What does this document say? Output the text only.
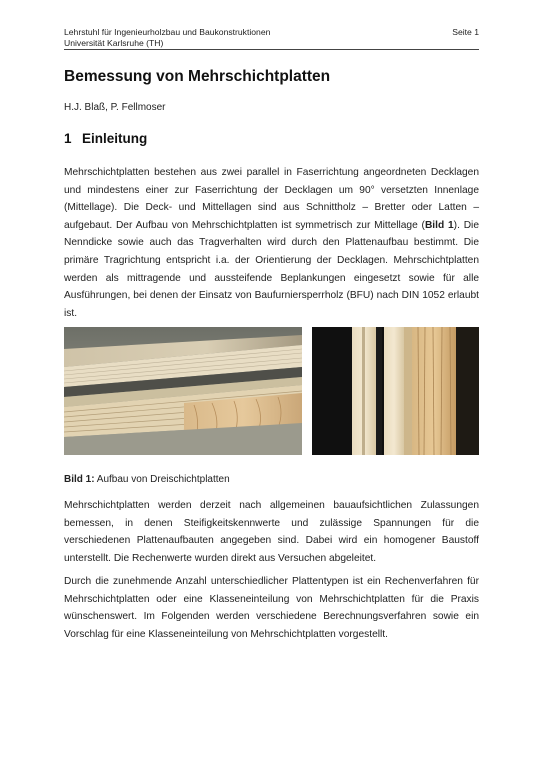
Lehrstuhl für Ingenieurholzbau und Baukonstruktionen
Universität Karlsruhe (TH)
Seite 1
Bemessung von Mehrschichtplatten
H.J. Blaß, P. Fellmoser
1 Einleitung

Mehrschichtplatten bestehen aus zwei parallel in Faserrichtung angeordneten Decklagen und mindestens einer zur Faserrichtung der Decklagen um 90° versetzten Innenlage (Mittellage). Die Deck- und Mittellagen sind aus Schnittholz – Bretter oder Latten – aufgebaut. Der Aufbau von Mehrschichtplatten ist symmetrisch zur Mittellage (Bild 1). Die Nenndicke sowie auch das Tragverhalten wird durch den Plattenaufbau bestimmt. Die primäre Tragrichtung entspricht i.a. der Orientierung der Decklagen. Mehrschichtplatten werden als mittragende und aussteifende Beplankungen eingesetzt sowie für alle Ausführungen, bei denen der Einsatz von Baufurniersperrholz (BFU) nach DIN 1052 erlaubt ist.

Bild 1: Aufbau von Dreischichtplatten

Mehrschichtplatten werden derzeit nach allgemeinen bauaufsichtlichen Zulassungen bemessen, in denen Steifigkeitskennwerte und zulässige Spannungen für die verschiedenen Plattenaufbauten angegeben sind. Dabei wird ein homogener Baustoff unterstellt. Die Rechenwerte wurden direkt aus Versuchen abgeleitet.

Durch die zunehmende Anzahl unterschiedlicher Plattentypen ist ein Rechenverfahren für Mehrschichtplatten oder eine Klasseneinteilung von Mehrschichtplatten für die Praxis wünschenswert. Im Folgenden werden verschiedene Berechnungsverfahren sowie ein Vorschlag für eine Klasseneinteilung von Mehrschichtplatten vorgestellt.
